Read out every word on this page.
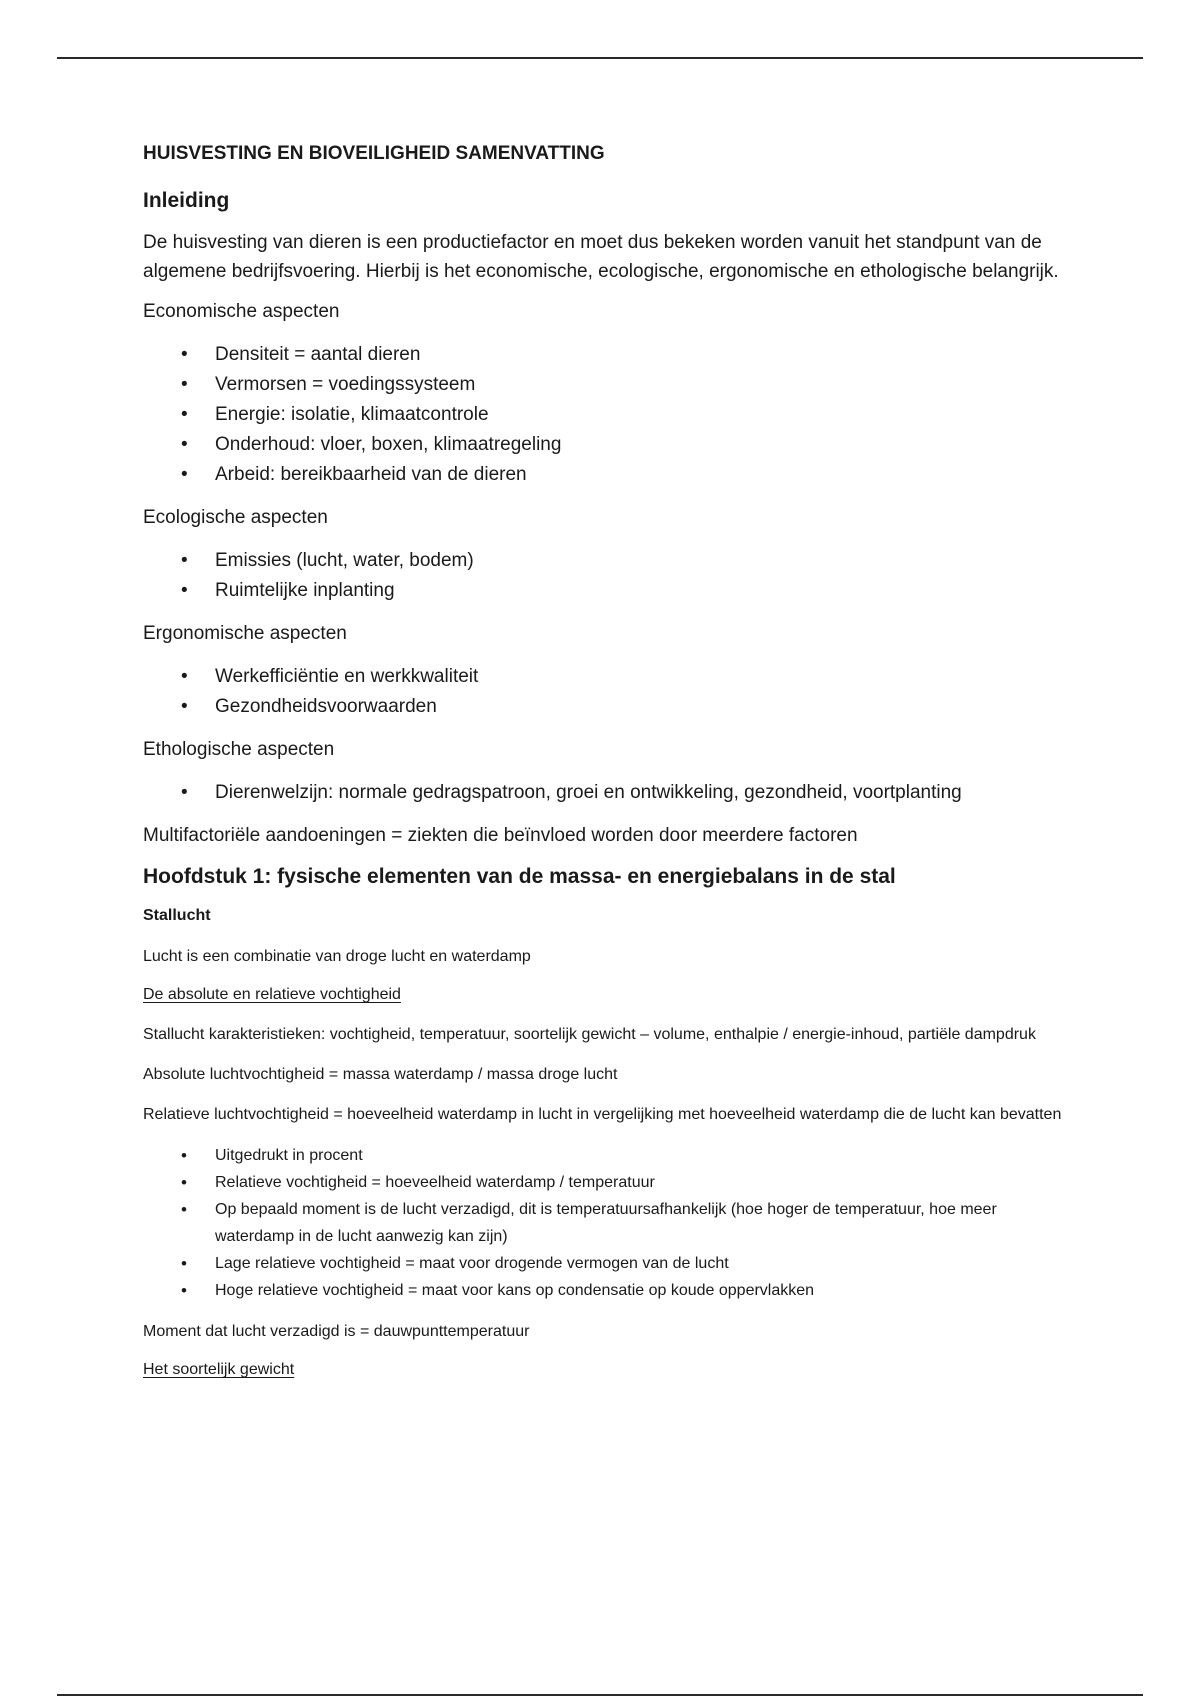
HUISVESTING EN BIOVEILIGHEID SAMENVATTING
Inleiding

De huisvesting van dieren is een productiefactor en moet dus bekeken worden vanuit het standpunt van de algemene bedrijfsvoering. Hierbij is het economische, ecologische, ergonomische en ethologische belangrijk.

Economische aspecten

• Densiteit = aantal dieren
• Vermorsen = voedingssysteem
• Energie: isolatie, klimaatcontrole
• Onderhoud: vloer, boxen, klimaatregeling
• Arbeid: bereikbaarheid van de dieren

Ecologische aspecten

• Emissies (lucht, water, bodem)
• Ruimtelijke inplanting

Ergonomische aspecten

• Werkefficiëntie en werkkwaliteit
• Gezondheidsvoorwaarden

Ethologische aspecten

• Dierenwelzijn: normale gedragspatroon, groei en ontwikkeling, gezondheid, voortplanting

Multifactoriële aandoeningen = ziekten die beïnvloed worden door meerdere factoren

Hoofdstuk 1: fysische elementen van de massa- en energiebalans in de stal
Stallucht

Lucht is een combinatie van droge lucht en waterdamp

De absolute en relatieve vochtigheid

Stallucht karakteristieken: vochtigheid, temperatuur, soortelijk gewicht – volume, enthalpie / energie-inhoud, partiële dampdruk

Absolute luchtvochtigheid = massa waterdamp / massa droge lucht

Relatieve luchtvochtigheid = hoeveelheid waterdamp in lucht in vergelijking met hoeveelheid waterdamp die de lucht kan bevatten

• Uitgedrukt in procent
• Relatieve vochtigheid = hoeveelheid waterdamp / temperatuur
• Op bepaald moment is de lucht verzadigd, dit is temperatuursafhankelijk (hoe hoger de temperatuur, hoe meer waterdamp in de lucht aanwezig kan zijn)
• Lage relatieve vochtigheid = maat voor drogende vermogen van de lucht
• Hoge relatieve vochtigheid = maat voor kans op condensatie op koude oppervlakken

Moment dat lucht verzadigd is = dauwpunttemperatuur

Het soortelijk gewicht
